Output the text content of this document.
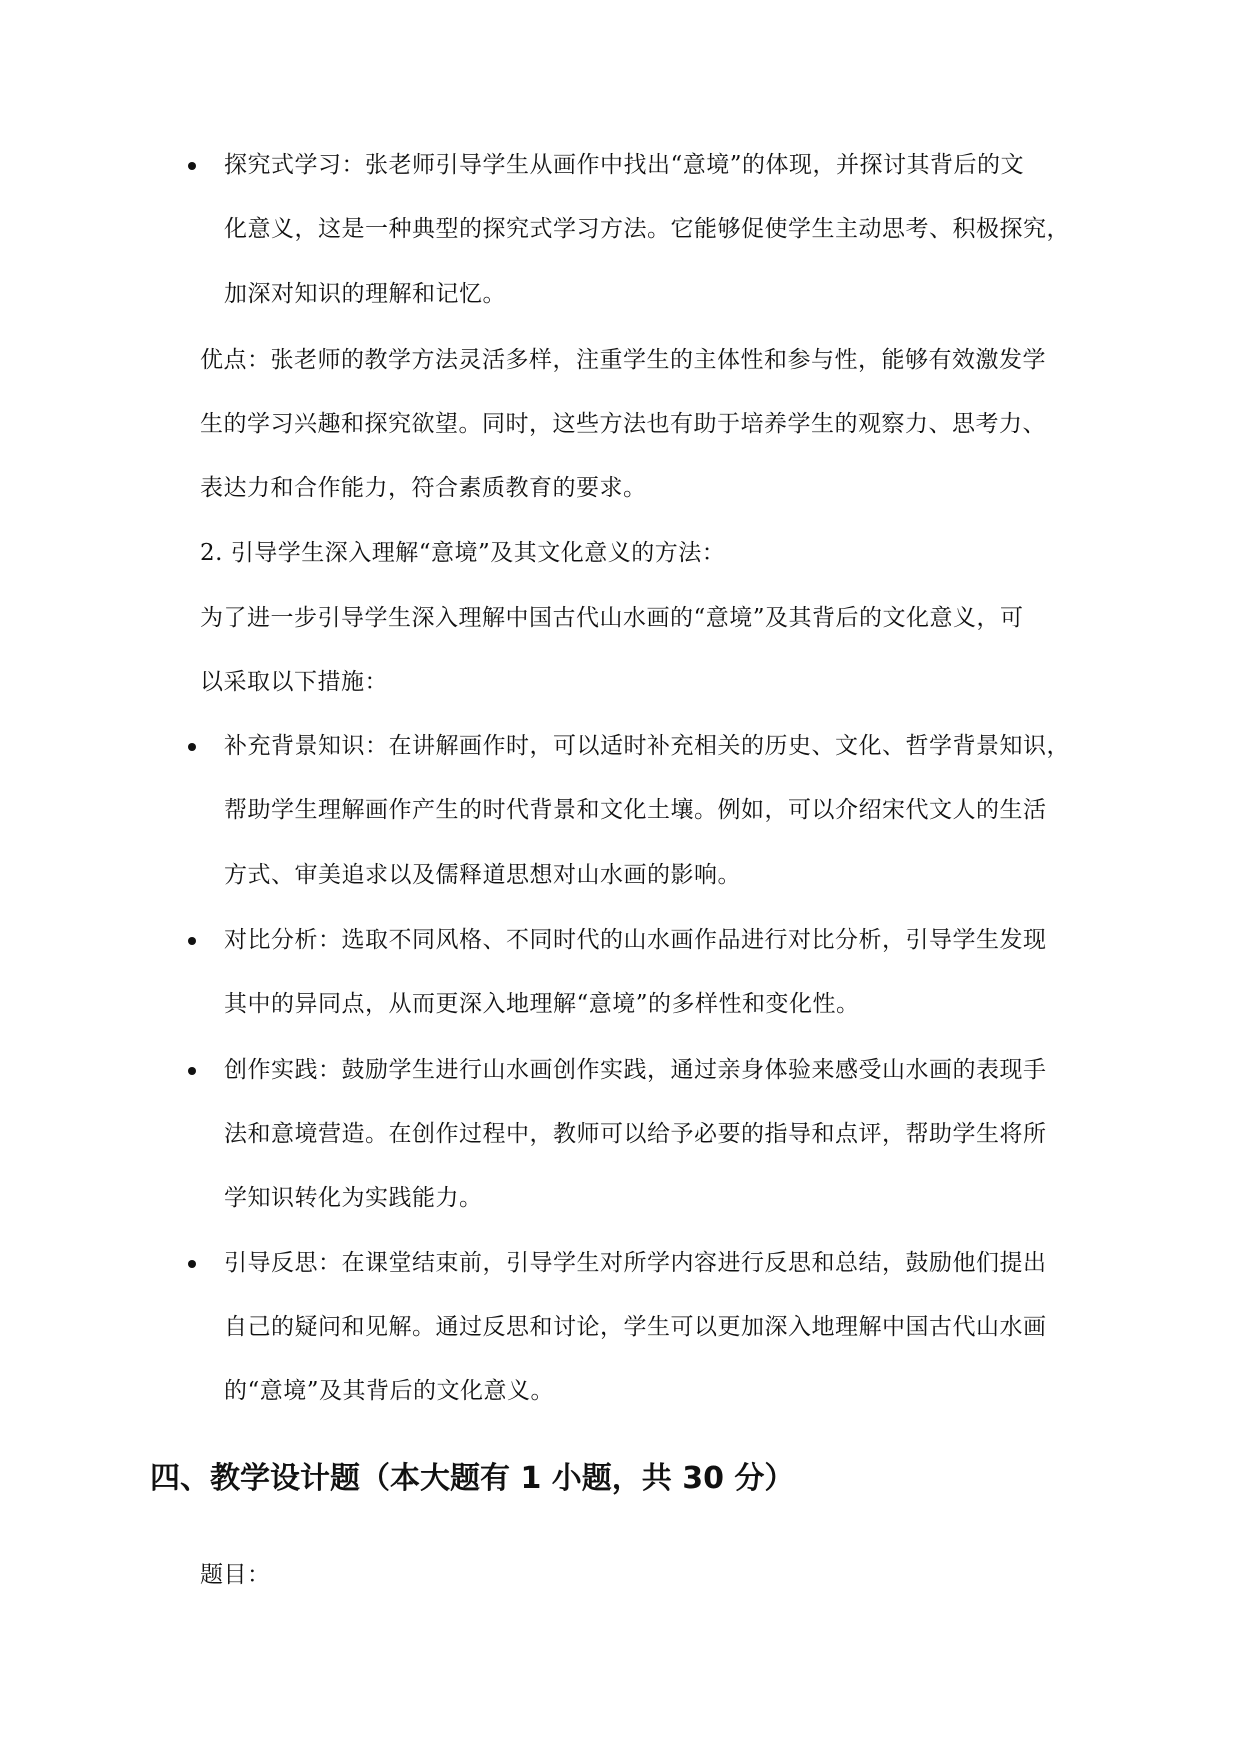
探究式学习：张老师引导学生从画作中找出“意境”的体现，并探讨其背后的文
化意义，这是一种典型的探究式学习方法。它能够促使学生主动思考、积极探究，
加深对知识的理解和记忆。
优点：张老师的教学方法灵活多样，注重学生的主体性和参与性，能够有效激发学
生的学习兴趣和探究欲望。同时，这些方法也有助于培养学生的观察力、思考力、
表达力和合作能力，符合素质教育的要求。
2. 引导学生深入理解“意境”及其文化意义的方法：
为了进一步引导学生深入理解中国古代山水画的“意境”及其背后的文化意义，可
以采取以下措施：
补充背景知识：在讲解画作时，可以适时补充相关的历史、文化、哲学背景知识，
帮助学生理解画作产生的时代背景和文化土壤。例如，可以介绍宋代文人的生活
方式、审美追求以及儒释道思想对山水画的影响。
对比分析：选取不同风格、不同时代的山水画作品进行对比分析，引导学生发现
其中的异同点，从而更深入地理解“意境”的多样性和变化性。
创作实践：鼓励学生进行山水画创作实践，通过亲身体验来感受山水画的表现手
法和意境营造。在创作过程中，教师可以给予必要的指导和点评，帮助学生将所
学知识转化为实践能力。
引导反思：在课堂结束前，引导学生对所学内容进行反思和总结，鼓励他们提出
自己的疑问和见解。通过反思和讨论，学生可以更加深入地理解中国古代山水画
的“意境”及其背后的文化意义。
四、教学设计题（本大题有 1 小题，共 30 分）
题目：
